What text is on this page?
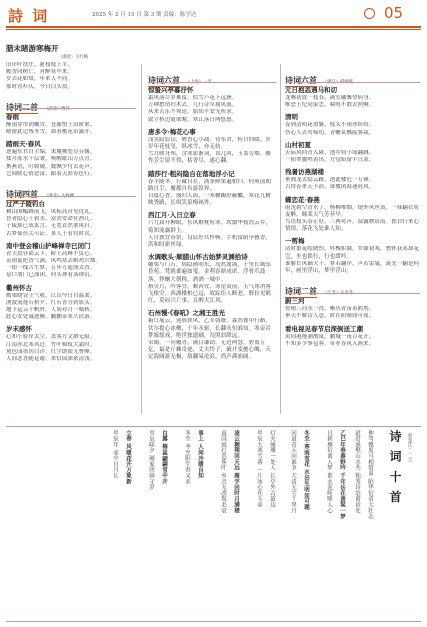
詩 词	2025 年 2 月 15 日 第 3 期 责编：陈学达	05
腊末睹游寒梅开
（湖北）王红梅
旧岸叶扶庄，新枝枝上半。
履香同树亡，对醉寒中来。
岁去花如故，年来人不同。
那时青衫仄，今日白头翁。
诗词二首 （湖北）傅伟
春雨
酥雨穿帘润嫩谷，苍藤悄上旧阶来。
晴窗犹记残冬雪，却看桃花带露开。
踏雨天·春风
逆遍东君自主编，柔魔拂处尽芬馥。
揉开冻水千层皱，唤醒眠山万点青。
携燕语，叮暖砚，数飘少付去花声。
岂闻暖心情意富，跟着天涯春色行。
诗词四首 （湖北）关杨柳
过严子陵钓台
剩山围幅踯前飞，风标高台见优礼。
智者隐心干碧水，富贵安命在渔几。
子陵却已成玄言，无宽首然栗风归。
古梦仙鱼关可证，来人干看钓时衣。
南中登会稽山护峰禅寺已闭门
青天晨昼锁云下，峤上高峰不负心。
苗雨徒陀香气满，风鸣寒去略鸡兴烟。
一即一线舌生梦，万步万遥涤去香。
泉口朋门已深闭，回头禅看落钟沉。
衢州怀古
鹰梁晓谷王气收，江山今日自温柔。
湧波流逸石桥夕，红石香分到影头。
地下运云千帆外，人间对月一城秋。
此心安处诚透腾，鹏鹏带寒久宿游。
岁末感怀
心知小验岸太空，盖客方文渺无限。
江南亦北寒风过，竹叶棉枝大霜时。
黛色园墨玥白洋，红尘朗眼无曹峰。
人间悲喜随花谢，来信园深依清浅。
诗词六首 （上海）一平
惊蛰兴亭暮抒怀
霜风落尽岁难留，似雪芦花下远洲。
万种愁情归木去，几行诗草属风流。
从来苦乐不须论，始知平安无所求。
致立桥边霞欲晚，寒江落日两悠悠。
唐多令·梅花心事
浅笑暗眉山，嗜香心小凋。待东君，何日回暖。岁岁年花枝玺，纵冰雪，亦无妨。
雪月映身殆，含寒影渐词，误几回，玉盖劳烟。骤作芳尘留不得，枯香尽，遂心翻。
踏莎行·粗闷隐自在落地浮小记
春半随冬，行藏自在，涌条鲜果遍相扫。何须前期路日尘，魔都自有游馆界。
自度心香，漫归人海，一寒鞭躅舒簌巘，寒花几树映秀路，长缉笑染梅袜外。
西江月·入日立春
六九届开柳眼，东风解枕喧寒。坎翳华枝尚云乡，菊知流露群上。
人日独宜春饼，良辰好共桴畅。手机留厨早雅香，洪和时新丝绿。
水调歌头·顺腊山怀古始梦灵渊拾诗
雕梁与门石，绵隐画明东，岛然波满，千里长城东昏苑。梵鸥谁遍如笺。金利春鼎成席，浮骨爪鼓落，狰酗大朝称，酒酒一城中。
指吴月，吟客宜，顺西宜，寒崖双前，玉气冰消客飞侬空。西湖楼柏已远，故踪佳人断老，野拉见鹤红，莫闷兴亡事，且醉大江风。
石州慢·《春吼》之湘王胜光
箱日展云，迎族侠风，乙军戟缭。森然彼甲行路，伏尔提心冰概，千年永驱，长翻永恒谁知。寒帝岩梦嫁愿戏，绝世独遗刷，况照翁降远。
荣阔，一问雕青，满目谦劫，无边两慧，碧血万亿，最是斤棘奇迹，丈夫怜子，破开变驰心魄，天定海阔游无极，敖翻易沧浪，尚声满崩阔。
诗词六首 （浙江）韩婷斌
元日抱恙遇马和切
龙腾初放一枝春，满室融馨塑病身。
唯恐玉纪同染恙，喘嘻不散去照啊。
清明
春到清明花似翼，枝头不雨亦纷纷。
伤心人去莺啼切，青幡莫飘陵客栽。
山村初夏
天际风回青入隆，池中荷小绿翻跳。
一阳翠腰鸣黄出，方觉暗留半日凉。
残暑访燕湖楼
垂阁龙去隐云路，透此楼危一万锤。
古得春来天下治，谁教闭海迷荷风。
蝶恋花·春燕
雨洗碧空青水了，杨柳堆烟，堤外风丝袅，一抹翻衣将麦醉，瞳莱天气芳菲早。
鸟语枝头春正好，三两莺声，湿露秧请南。独自行来心情情，落花飞处谁人知。
一剪梅
清时繁花绘晓烈，桂槐积圆，罗赣初寒，愁怀获邓却花岂，坐也锁行，行也缓吟。
谁解长风嫡大千，梦若翻岸，声若雷寰，流光一翻是何年，画里浮山，梦里浮山。
诗词二首 （江苏）宋青冬
蔚三河
傍晴三河水一湾，晰丛青苗着鸥鸠。
垂天不解诗人意，时在阴晴间可间。
看电视见春节启深倒送工潮
黄同港拖潮鹊岚，鹏城一夜百花开。
不知多少寥包客，带业春风入画来。
诗 词 十 首	（黑龙江）一 尘
伸驾雅度马相惜重 陌华衍清天壮志
道沿溪壑山水共 独秀诗翁谐话处
乙巳年春暮野吟 千年岳在黄粱一梦
日新雁衍离人梦 淮水泥晖暖人心
冬至·寒雨雪花 水田生明如可题
问道青天向谁争 天清无尘千里月
灯火阑珊一处人 长亭外古道边
甲辰大寒雪落 一片冰心在玉壶
凌云翱翔同天远 雁字回时月满楼
南国雨打芭蕉叶 乡音无改鬓毛衰
事上 人间冷暖自知
冬至 冬至阳生春又来
白露 梅蕊翩翩雪中开
甲辰除夕 阖家团圆守岁
立春 风暖花开万象新
甲辰年 壶中日月长
